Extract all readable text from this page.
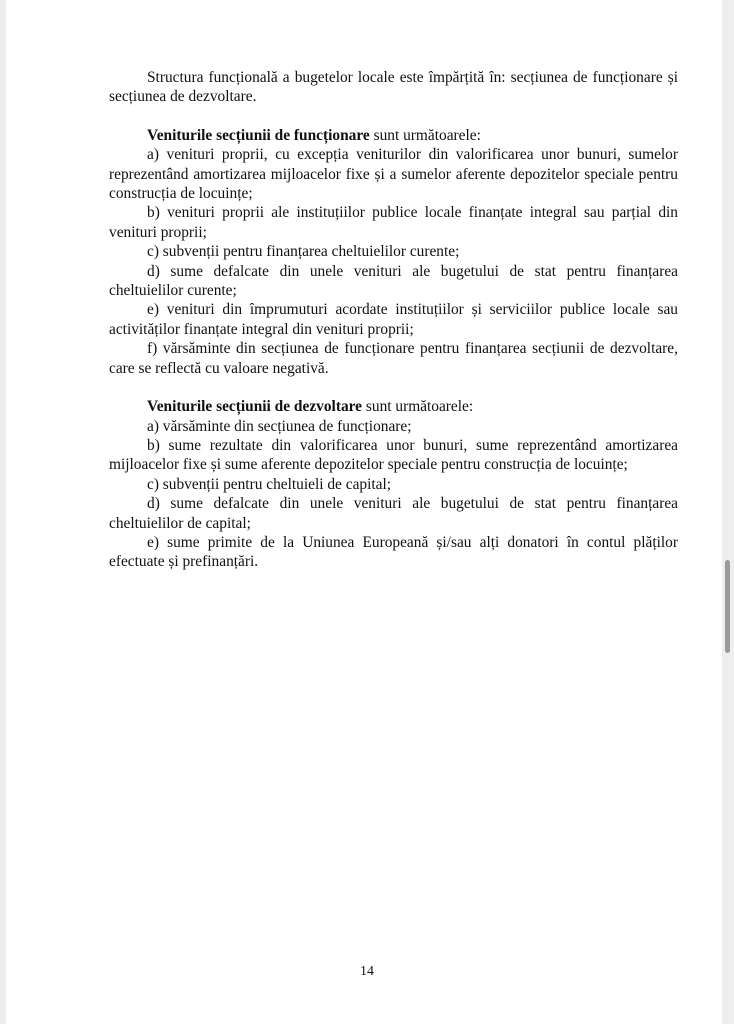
Structura funcțională a bugetelor locale este împărțită în: secțiunea de funcționare și secțiunea de dezvoltare.

Veniturile secțiunii de funcționare sunt următoarele:

a) venituri proprii, cu excepția veniturilor din valorificarea unor bunuri, sumelor reprezentând amortizarea mijloacelor fixe și a sumelor aferente depozitelor speciale pentru construcția de locuințe;

b) venituri proprii ale instituțiilor publice locale finanțate integral sau parțial din venituri proprii;

c) subvenții pentru finanțarea cheltuielilor curente;

d) sume defalcate din unele venituri ale bugetului de stat pentru finanțarea cheltuielilor curente;

e) venituri din împrumuturi acordate instituțiilor și serviciilor publice locale sau activităților finanțate integral din venituri proprii;

f) vărsăminte din secțiunea de funcționare pentru finanțarea secțiunii de dezvoltare, care se reflectă cu valoare negativă.

Veniturile secțiunii de dezvoltare sunt următoarele:

a) vărsăminte din secțiunea de funcționare;

b) sume rezultate din valorificarea unor bunuri, sume reprezentând amortizarea mijloacelor fixe și sume aferente depozitelor speciale pentru construcția de locuințe;

c) subvenții pentru cheltuieli de capital;

d) sume defalcate din unele venituri ale bugetului de stat pentru finanțarea cheltuielilor de capital;

e) sume primite de la Uniunea Europeană și/sau alți donatori în contul plăților efectuate și prefinanțări.

14
